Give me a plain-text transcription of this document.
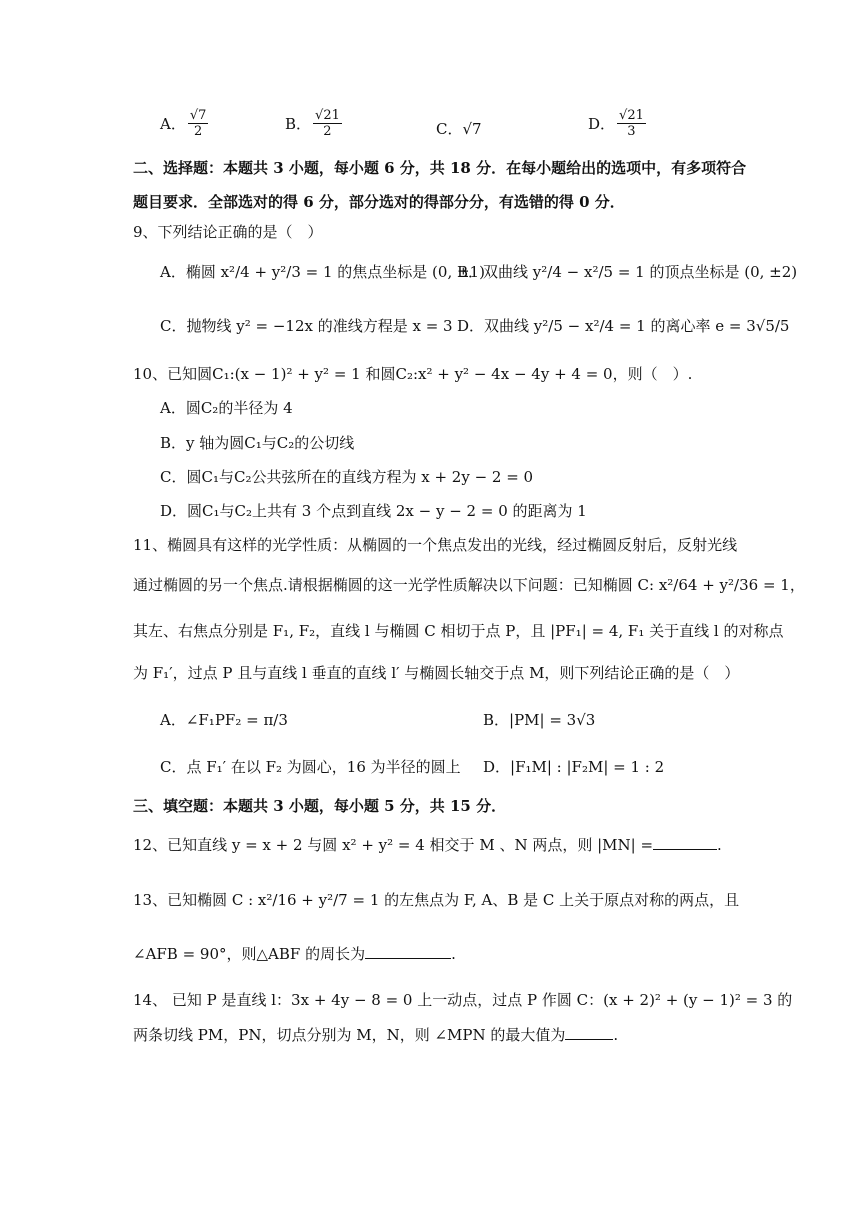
A． $\frac{√7}{2}$	B． $\frac{√21}{2}$	C． √7	D． $\frac{√21}{3}$
二、选择题：本题共 3 小题，每小题 6 分，共 18 分．在每小题给出的选项中，有多项符合
题目要求．全部选对的得 6 分，部分选对的得部分分，有选错的得 0 分．
9、下列结论正确的是（　）
A．椭圆 x²/4 + y²/3 = 1 的焦点坐标是 (0, ±1)
B．双曲线 y²/4 − x²/5 = 1 的顶点坐标是 (0, ±2)
C．抛物线 y² = −12x 的准线方程是 x = 3 D．双曲线 y²/5 − x²/4 = 1 的离心率 e = 3√5/5
10、已知圆C₁:(x − 1)² + y² = 1 和圆C₂:x² + y² − 4x − 4y + 4 = 0，则（　）.
A．圆C₂的半径为 4
B．y 轴为圆C₁与C₂的公切线
C．圆C₁与C₂公共弦所在的直线方程为 x + 2y − 2 = 0
D．圆C₁与C₂上共有 3 个点到直线 2x − y − 2 = 0 的距离为 1
11、椭圆具有这样的光学性质：从椭圆的一个焦点发出的光线，经过椭圆反射后，反射光线
通过椭圆的另一个焦点.请根据椭圆的这一光学性质解决以下问题：已知椭圆 C: x²/64 + y²/36 = 1，
其左、右焦点分别是 F₁, F₂，直线 l 与椭圆 C 相切于点 P，且 |PF₁| = 4, F₁ 关于直线 l 的对称点
为 F₁′，过点 P 且与直线 l 垂直的直线 l′ 与椭圆长轴交于点 M，则下列结论正确的是（　）
A．∠F₁PF₂ = π/3	B．|PM| = 3√3
C．点 F₁′ 在以 F₂ 为圆心，16 为半径的圆上 D．|F₁M| : |F₂M| = 1 : 2
三、填空题：本题共 3 小题，每小题 5 分，共 15 分．
12、已知直线 y = x + 2 与圆 x² + y² = 4 相交于 M 、N 两点，则 |MN| =	.
13、已知椭圆 C : x²/16 + y²/7 = 1 的左焦点为 F, A、B 是 C 上关于原点对称的两点，且
∠AFB = 90°，则△ABF 的周长为	.
14、 已知 P 是直线 l：3x + 4y − 8 = 0 上一动点，过点 P 作圆 C：(x + 2)² + (y − 1)² = 3 的
两条切线 PM，PN，切点分别为 M，N，则 ∠MPN 的最大值为	.
